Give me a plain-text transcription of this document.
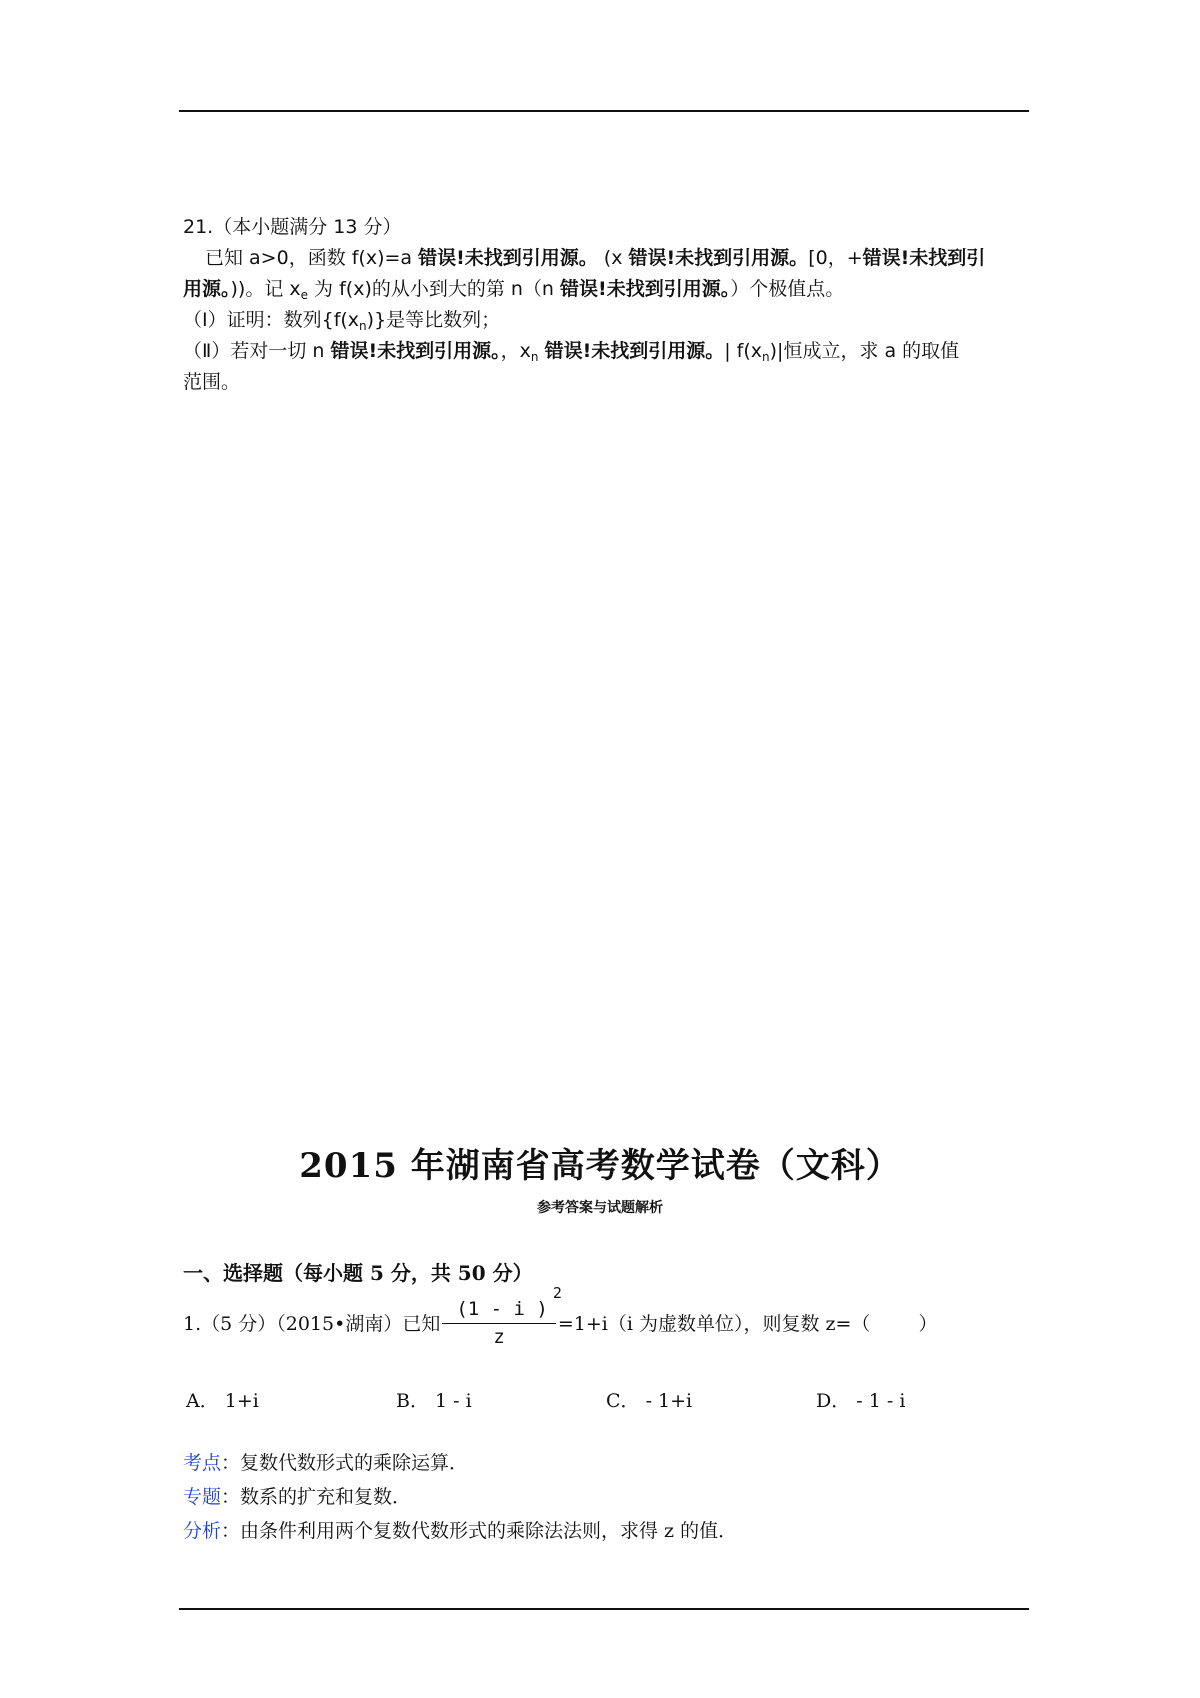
21.（本小题满分 13 分）
已知 a>0，函数 f(x)=a 错误!未找到引用源。 (x 错误!未找到引用源。[0，+错误!未找到引
用源。))。记 $x_e$ 为 f(x)的从小到大的第 n（n 错误!未找到引用源。）个极值点。
（Ⅰ）证明：数列$\{f(x_n)\}$是等比数列；
（Ⅱ）若对一切 n 错误!未找到引用源。，$x_n$ 错误!未找到引用源。| $f(x_n)|$恒成立，求 a 的取值
范围。
2015 年湖南省高考数学试卷（文科）
参考答案与试题解析
一、选择题（每小题 5 分，共 50 分）
1.（5 分）（2015•湖南）已知 (1 - i )
2
z =1+i（i 为虚数单位），则复数 z=（	）
A． 1+i	B． 1 - i	C． - 1+i	D． - 1 - i
考点：复数代数形式的乘除运算．
专题：数系的扩充和复数．
分析：由条件利用两个复数代数形式的乘除法法则，求得 z 的值．
